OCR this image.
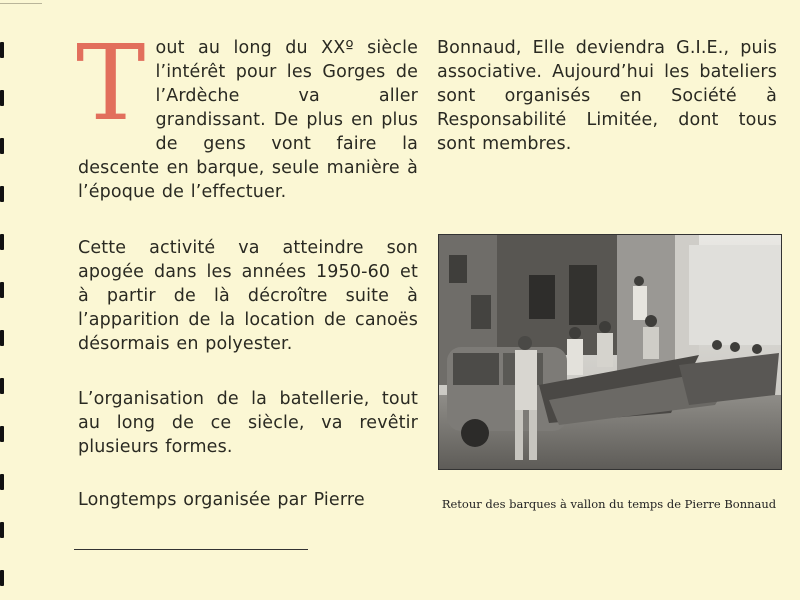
Tout au long du XXº siècle l’intérêt pour les Gorges de l’Ardèche va aller grandissant. De plus en plus de gens vont faire la descente en barque, seule manière à l’époque de l’effectuer.

Cette activité va atteindre son apogée dans les années 1950-60 et à partir de là décroître suite à l’apparition de la location de canoës désormais en polyester.

L’organisation de la batellerie, tout au long de ce siècle, va revêtir plusieurs formes.

Longtemps organisée par Pierre

Bonnaud, Elle deviendra G.I.E., puis associative. Aujourd’hui les bateliers sont organisés en Société à Responsabilité Limitée, dont tous sont membres.

Retour des barques à vallon du temps de Pierre Bonnaud
